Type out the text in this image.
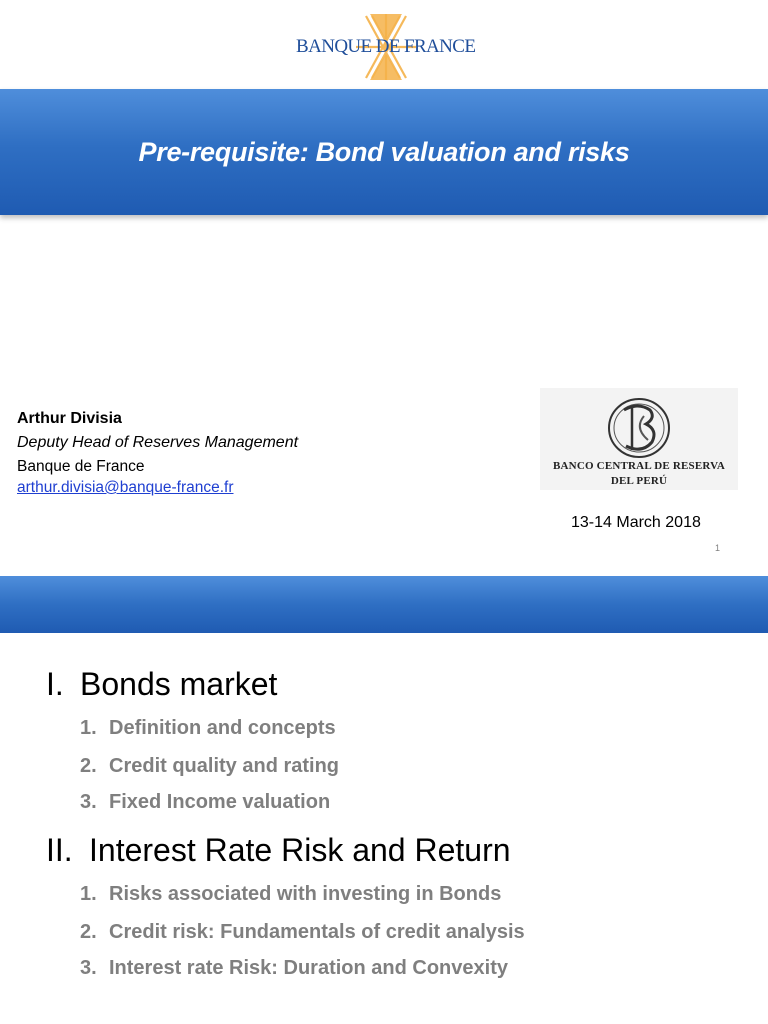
BANQUE DE FRANCE
Pre-requisite: Bond valuation and risks

Arthur Divisia

Deputy Head of Reserves Management

Banque de France

arthur.divisia@banque-france.fr

BANCO CENTRAL DE RESERVA
DEL PERÚ
13-14 March 2018
1
I. Bonds market
1. Definition and concepts
2. Credit quality and rating
3. Fixed Income valuation
II. Interest Rate Risk and Return
1. Risks associated with investing in Bonds
2. Credit risk: Fundamentals of credit analysis
3. Interest rate Risk: Duration and Convexity
